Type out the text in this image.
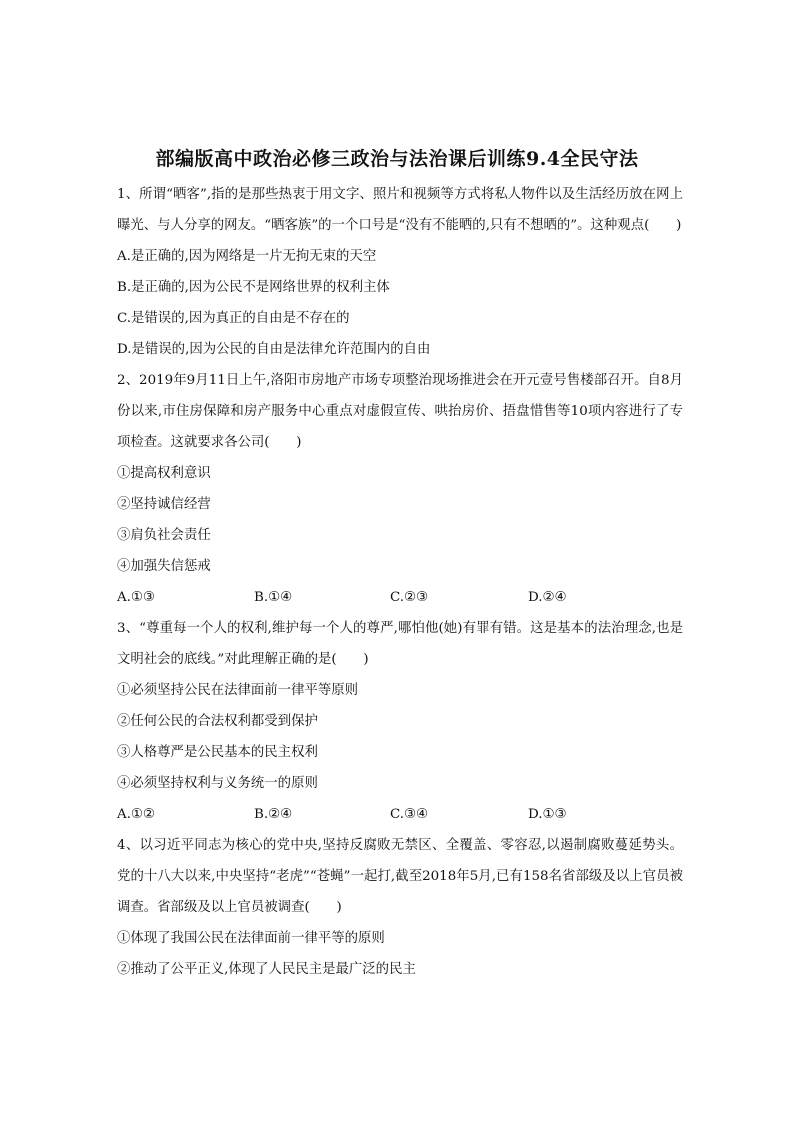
部编版高中政治必修三政治与法治课后训练9.4全民守法
1、所谓“晒客”,指的是那些热衷于用文字、照片和视频等方式将私人物件以及生活经历放在网上曝光、与人分享的网友。“晒客族”的一个口号是“没有不能晒的,只有不想晒的”。这种观点(　　)
A.是正确的,因为网络是一片无拘无束的天空
B.是正确的,因为公民不是网络世界的权利主体
C.是错误的,因为真正的自由是不存在的
D.是错误的,因为公民的自由是法律允许范围内的自由
2、2019年9月11日上午,洛阳市房地产市场专项整治现场推进会在开元壹号售楼部召开。自8月份以来,市住房保障和房产服务中心重点对虚假宣传、哄抬房价、捂盘惜售等10项内容进行了专项检查。这就要求各公司(　　)
①提高权利意识
②坚持诚信经营
③肩负社会责任
④加强失信惩戒
A.①③	B.①④	C.②③	D.②④
3、“尊重每一个人的权利,维护每一个人的尊严,哪怕他(她)有罪有错。这是基本的法治理念,也是文明社会的底线。”对此理解正确的是(　　)
①必须坚持公民在法律面前一律平等原则
②任何公民的合法权利都受到保护
③人格尊严是公民基本的民主权利
④必须坚持权利与义务统一的原则
A.①②	B.②④	C.③④	D.①③
4、以习近平同志为核心的党中央,坚持反腐败无禁区、全覆盖、零容忍,以遏制腐败蔓延势头。党的十八大以来,中央坚持“老虎”“苍蝇”一起打,截至2018年5月,已有158名省部级及以上官员被调查。省部级及以上官员被调查(　　)
①体现了我国公民在法律面前一律平等的原则
②推动了公平正义,体现了人民民主是最广泛的民主
